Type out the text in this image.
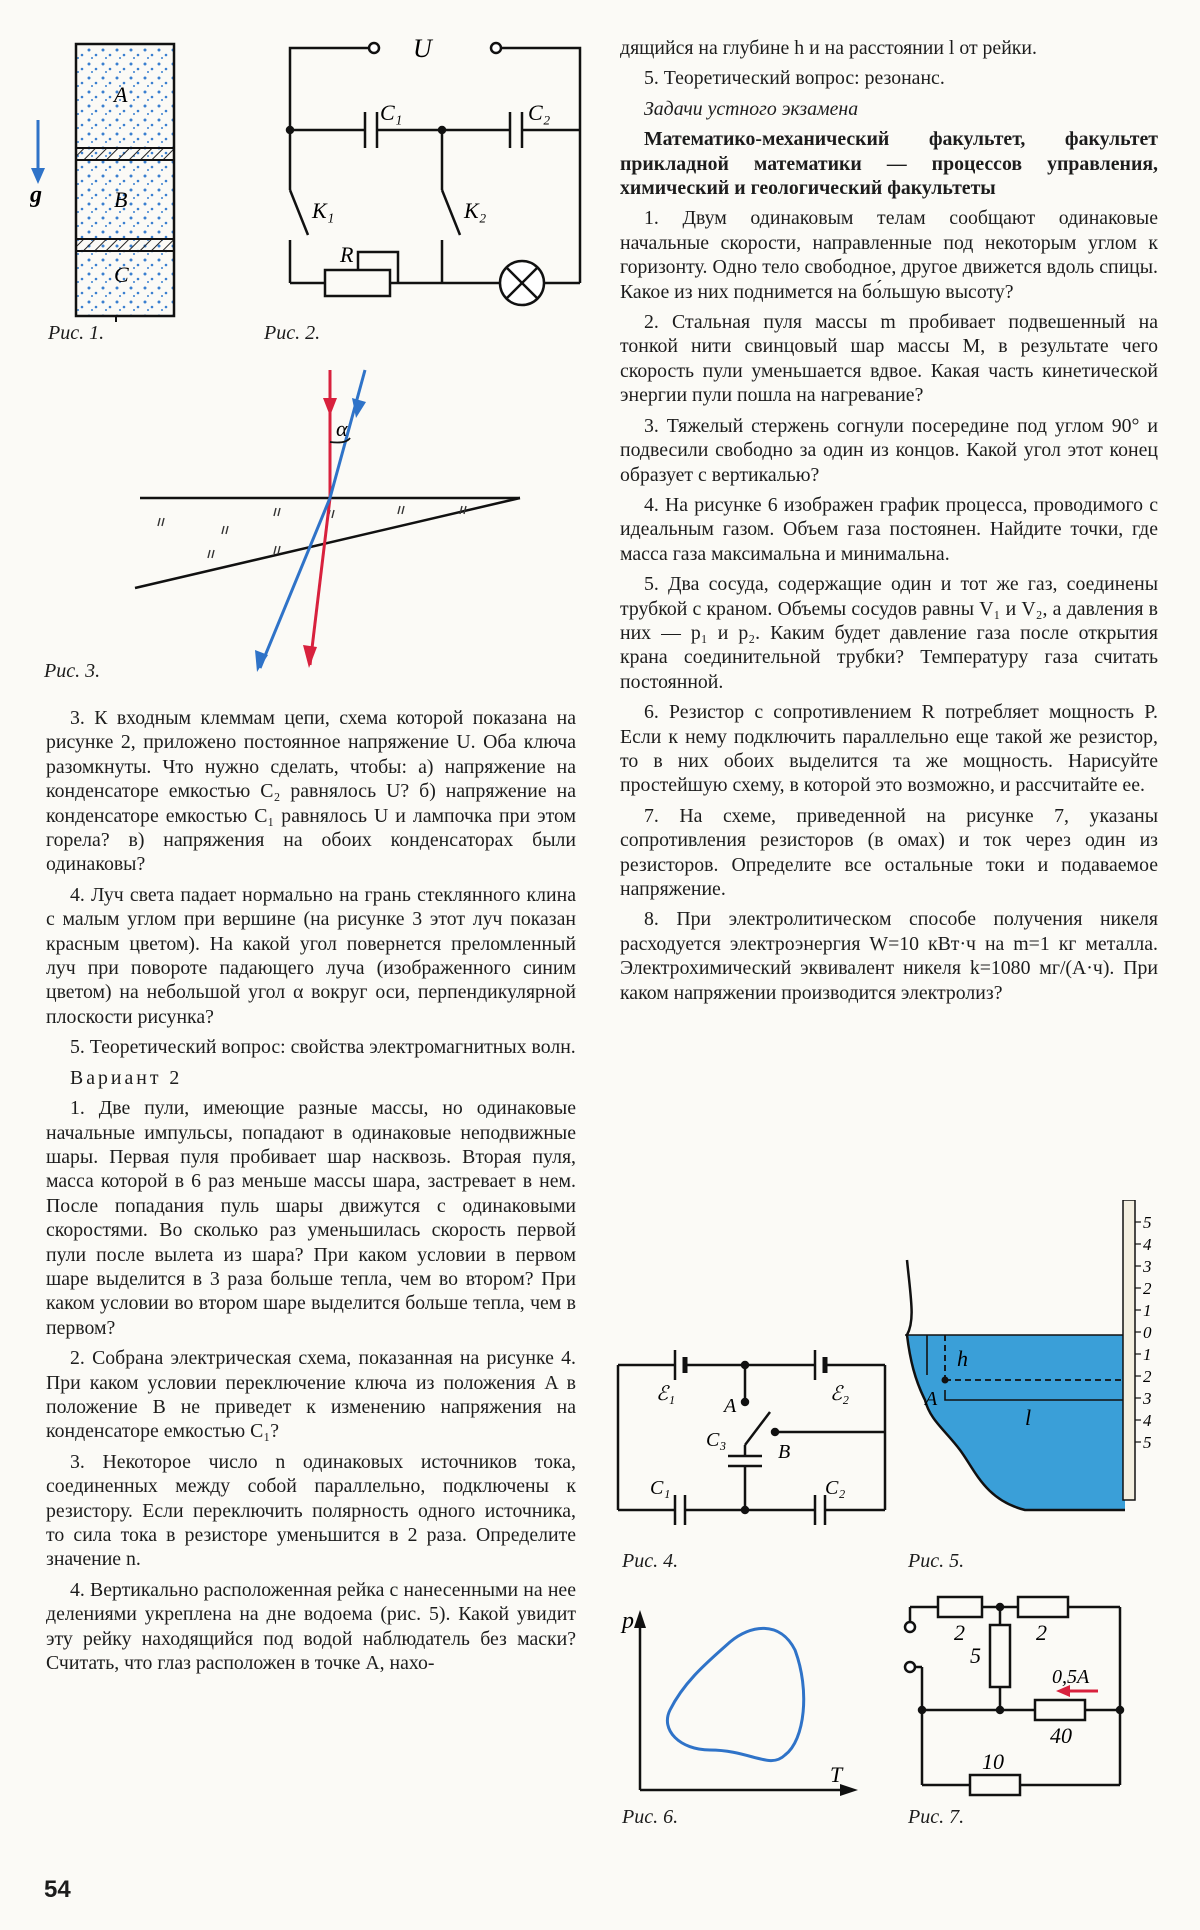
A
B
C
g
Рис. 1.
U
C₁	C₂
K₁	K₂
R
Рис. 2.
α
Рис. 3.

3. К входным клеммам цепи, схема которой показана на рисунке 2, приложено постоянное напряжение U. Оба ключа разомкнуты. Что нужно сделать, чтобы: а) напряжение на конденсаторе емкостью C₂ равнялось U? б) напряжение на конденсаторе емкостью C₁ равнялось U и лампочка при этом горела? в) напряжения на обоих конденсаторах были одинаковы?

4. Луч света падает нормально на грань стеклянного клина с малым углом при вершине (на рисунке 3 этот луч показан красным цветом). На какой угол повернется преломленный луч при повороте падающего луча (изображенного синим цветом) на небольшой угол α вокруг оси, перпендикулярной плоскости рисунка?

5. Теоретический вопрос: свойства электромагнитных волн.

Вариант 2

1. Две пули, имеющие разные массы, но одинаковые начальные импульсы, попадают в одинаковые неподвижные шары. Первая пуля пробивает шар насквозь. Вторая пуля, масса которой в 6 раз меньше массы шара, застревает в нем. После попадания пуль шары движутся с одинаковыми скоростями. Во сколько раз уменьшилась скорость первой пули после вылета из шара? При каком условии в первом шаре выделится в 3 раза больше тепла, чем во втором? При каком условии во втором шаре выделится больше тепла, чем в первом?

2. Собрана электрическая схема, показанная на рисунке 4. При каком условии переключение ключа из положения A в положение B не приведет к изменению напряжения на конденсаторе емкостью C₁?

3. Некоторое число n одинаковых источников тока, соединенных между собой параллельно, подключены к резистору. Если переключить полярность одного источника, то сила тока в резисторе уменьшится в 2 раза. Определите значение n.

4. Вертикально расположенная рейка с нанесенными на нее делениями укреплена на дне водоема (рис. 5). Какой увидит эту рейку находящийся под водой наблюдатель без маски? Считать, что глаз расположен в точке A, нахо-

дящийся на глубине h и на расстоянии l от рейки.

5. Теоретический вопрос: резонанс.

Задачи устного экзамена

Математико-механический факультет, факультет прикладной математики — процессов управления, химический и геологический факультеты

1. Двум одинаковым телам сообщают одинаковые начальные скорости, направленные под некоторым углом к горизонту. Одно тело свободное, другое движется вдоль спицы. Какое из них поднимется на бо́льшую высоту?

2. Стальная пуля массы m пробивает подвешенный на тонкой нити свинцовый шар массы M, в результате чего скорость пули уменьшается вдвое. Какая часть кинетической энергии пули пошла на нагревание?

3. Тяжелый стержень согнули посередине под углом 90° и подвесили свободно за один из концов. Какой угол этот конец образует с вертикалью?

4. На рисунке 6 изображен график процесса, проводимого с идеальным газом. Объем газа постоянен. Найдите точки, где масса газа максимальна и минимальна.

5. Два сосуда, содержащие один и тот же газ, соединены трубкой с краном. Объемы сосудов равны V₁ и V₂, а давления в них — p₁ и p₂. Каким будет давление газа после открытия крана соединительной трубки? Температуру газа считать постоянной.

6. Резистор с сопротивлением R потребляет мощность P. Если к нему подключить параллельно еще такой же резистор, то в них обоих выделится та же мощность. Нарисуйте простейшую схему, в которой это возможно, и рассчитайте ее.

7. На схеме, приведенной на рисунке 7, указаны сопротивления резисторов (в омах) и ток через один из резисторов. Определите все остальные токи и подаваемое напряжение.

8. При электролитическом способе получения никеля расходуется электроэнергия W=10 кВт·ч на m=1 кг металла. Электрохимический эквивалент никеля k=1080 мг/(А·ч). При каком напряжении производится электролиз?

ℰ₁	ℰ₂
A
B
C₃
C₁	C₂
Рис. 4.
5
4
3
2
1
0
1
2
3
4
5
h
l
A
Рис. 5.
p
T
Рис. 6.
2	2
5
0,5А
40
10
Рис. 7.
54
